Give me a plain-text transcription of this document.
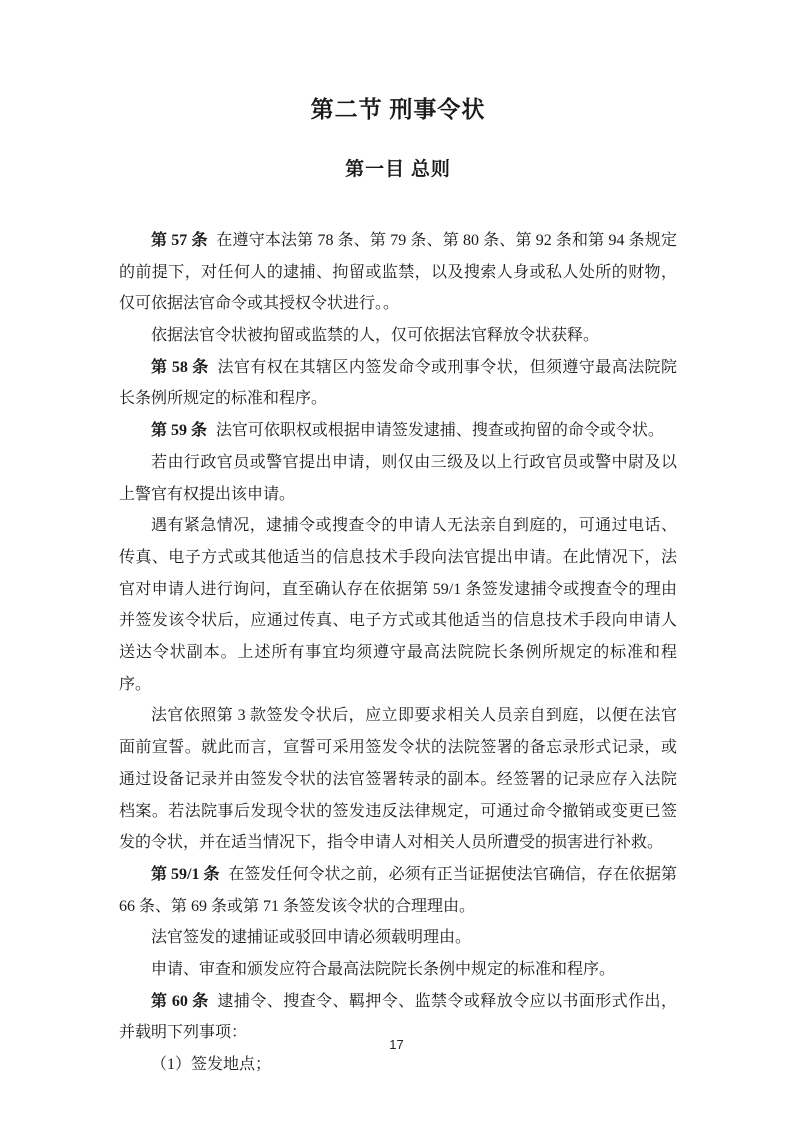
第二节 刑事令状
第一目 总则

第 57 条 在遵守本法第 78 条、第 79 条、第 80 条、第 92 条和第 94 条规定的前提下，对任何人的逮捕、拘留或监禁，以及搜索人身或私人处所的财物，仅可依据法官命令或其授权令状进行。。

依据法官令状被拘留或监禁的人，仅可依据法官释放令状获释。

第 58 条 法官有权在其辖区内签发命令或刑事令状，但须遵守最高法院院长条例所规定的标准和程序。

第 59 条 法官可依职权或根据申请签发逮捕、搜查或拘留的命令或令状。

若由行政官员或警官提出申请，则仅由三级及以上行政官员或警中尉及以上警官有权提出该申请。

遇有紧急情况，逮捕令或搜查令的申请人无法亲自到庭的，可通过电话、传真、电子方式或其他适当的信息技术手段向法官提出申请。在此情况下，法官对申请人进行询问，直至确认存在依据第 59/1 条签发逮捕令或搜查令的理由并签发该令状后，应通过传真、电子方式或其他适当的信息技术手段向申请人送达令状副本。上述所有事宜均须遵守最高法院院长条例所规定的标准和程序。

法官依照第 3 款签发令状后，应立即要求相关人员亲自到庭，以便在法官面前宣誓。就此而言，宣誓可采用签发令状的法院签署的备忘录形式记录，或通过设备记录并由签发令状的法官签署转录的副本。经签署的记录应存入法院档案。若法院事后发现令状的签发违反法律规定，可通过命令撤销或变更已签发的令状，并在适当情况下，指令申请人对相关人员所遭受的损害进行补救。

第 59/1 条 在签发任何令状之前，必须有正当证据使法官确信，存在依据第 66 条、第 69 条或第 71 条签发该令状的合理理由。

法官签发的逮捕证或驳回申请必须载明理由。

申请、审查和颁发应符合最高法院院长条例中规定的标准和程序。

第 60 条 逮捕令、搜查令、羁押令、监禁令或释放令应以书面形式作出，并载明下列事项：

（1）签发地点；

17
